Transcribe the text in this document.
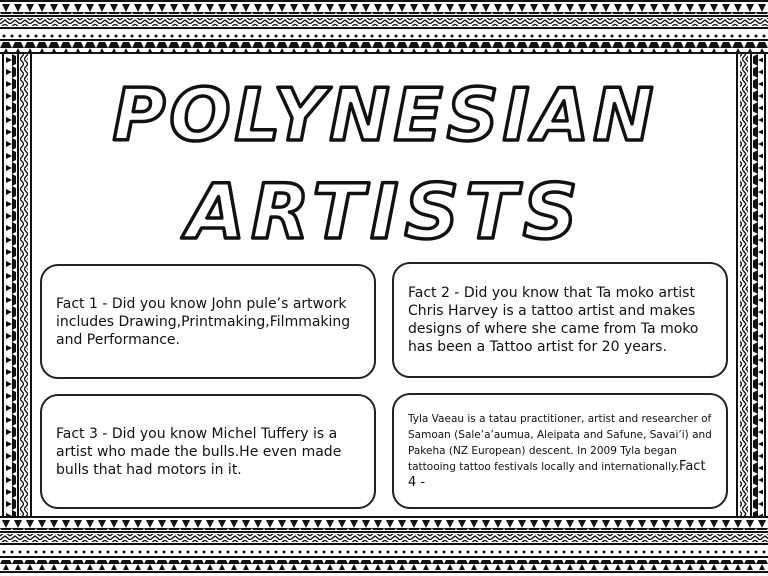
POLYNESIAN
ARTISTS
Fact 1 - Did you know John pule’s artwork includes Drawing,Printmaking,Filmmaking and Performance.
Fact 2 - Did you know that Ta moko artist Chris Harvey is a tattoo artist and makes designs of where she came from Ta moko has been a Tattoo artist for 20 years.
Fact 3 - Did you know Michel Tuffery is a artist who made the bulls.He even made bulls that had motors in it.
Tyla Vaeau is a tatau practitioner, artist and researcher of Samoan (Sale’a’aumua, Aleipata and Safune, Savai’i) and Pakeha (NZ European) descent. In 2009 Tyla began tattooing tattoo festivals locally and internationally.Fact 4 -
